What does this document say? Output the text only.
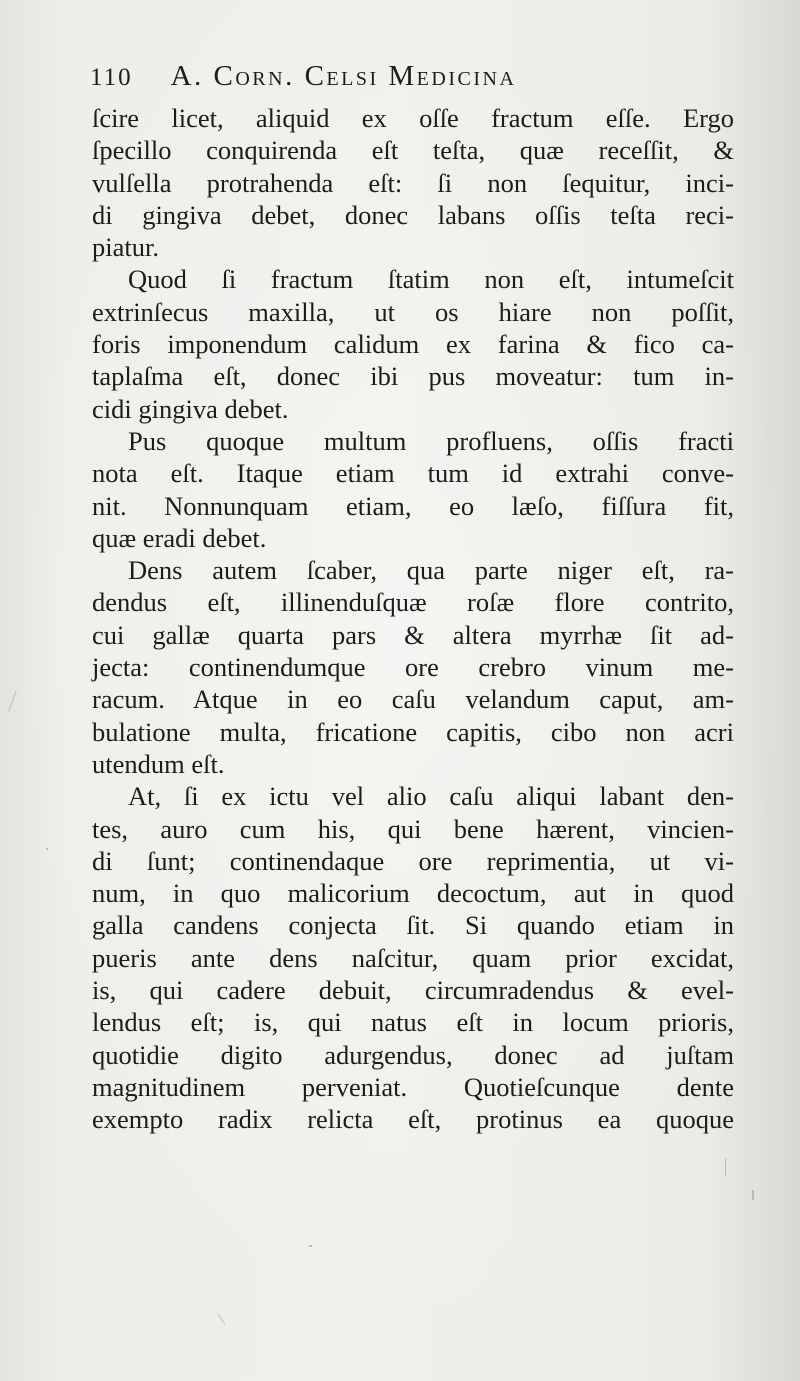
110 A. Corn. Celsi Medicina
ſcire licet, aliquid ex oſſe fractum eſſe. Ergo
ſpecillo conquirenda eſt teſta, quæ receſſit, &
vulſella protrahenda eſt: ſi non ſequitur, inci-
di gingiva debet, donec labans oſſis teſta reci-
piatur.
Quod ſi fractum ſtatim non eſt, intumeſcit
extrinſecus maxilla, ut os hiare non poſſit,
foris imponendum calidum ex farina & fico ca-
taplaſma eſt, donec ibi pus moveatur: tum in-
cidi gingiva debet.
Pus quoque multum profluens, oſſis fracti
nota eſt. Itaque etiam tum id extrahi conve-
nit. Nonnunquam etiam, eo læſo, fiſſura fit,
quæ eradi debet.
Dens autem ſcaber, qua parte niger eſt, ra-
dendus eſt, illinenduſquæ roſæ flore contrito,
cui gallæ quarta pars & altera myrrhæ ſit ad-
jecta: continendumque ore crebro vinum me-
racum. Atque in eo caſu velandum caput, am-
bulatione multa, fricatione capitis, cibo non acri
utendum eſt.
At, ſi ex ictu vel alio caſu aliqui labant den-
tes, auro cum his, qui bene hærent, vincien-
di ſunt; continendaque ore reprimentia, ut vi-
num, in quo malicorium decoctum, aut in quod
galla candens conjecta ſit. Si quando etiam in
pueris ante dens naſcitur, quam prior excidat,
is, qui cadere debuit, circumradendus & evel-
lendus eſt; is, qui natus eſt in locum prioris,
quotidie digito adurgendus, donec ad juſtam
magnitudinem perveniat. Quotieſcunque dente
exempto radix relicta eſt, protinus ea quoque
